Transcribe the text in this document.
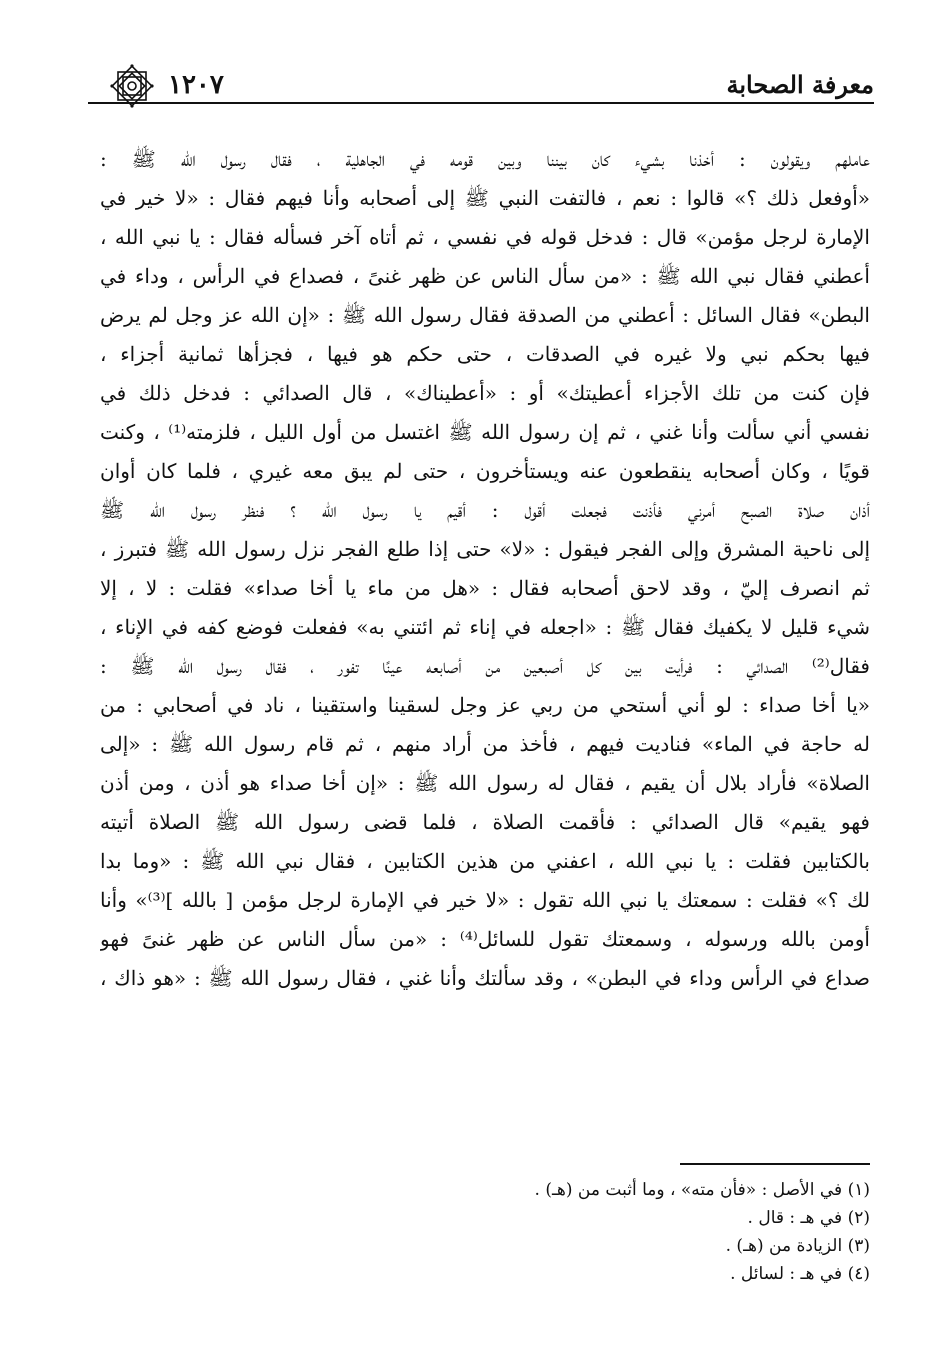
١٢٠٧	معرفة الصحابة
عاملهم ويقولون : أخذنا بشيء كان بيننا وبين قومه في الجاهلية ، فقال رسول الله ﷺ :
«أوفعل ذلك ؟» قالوا : نعم ، فالتفت النبي ﷺ إلى أصحابه وأنا فيهم فقال : «لا خير في
الإمارة لرجل مؤمن» قال : فدخل قوله في نفسي ، ثم أتاه آخر فسأله فقال : يا نبي الله ،
أعطني فقال نبي الله ﷺ : «من سأل الناس عن ظهر غنىً ، فصداع في الرأس ، وداء في
البطن» فقال السائل : أعطني من الصدقة فقال رسول الله ﷺ : «إن الله عز وجل لم يرض
فيها بحكم نبي ولا غيره في الصدقات ، حتى حكم هو فيها ، فجزأها ثمانية أجزاء ،
فإن كنت من تلك الأجزاء أعطيتك» أو : «أعطيناك» ، قال الصدائي : فدخل ذلك في
نفسي أني سألت وأنا غني ، ثم إن رسول الله ﷺ اغتسل من أول الليل ، فلزمته⁽¹⁾ ، وكنت
قويًا ، وكان أصحابه ينقطعون عنه ويستأخرون ، حتى لم يبق معه غيري ، فلما كان أوان
أذان صلاة الصبح أمرني فأذنت فجعلت أقول : أقيم يا رسول الله ؟ فنظر رسول الله ﷺ
إلى ناحية المشرق وإلى الفجر فيقول : «لا» حتى إذا طلع الفجر نزل رسول الله ﷺ فتبرز ،
ثم انصرف إليّ ، وقد لاحق أصحابه فقال : «هل من ماء يا أخا صداء» فقلت : لا ، إلا
شيء قليل لا يكفيك فقال ﷺ : «اجعله في إناء ثم ائتني به» ففعلت فوضع كفه في الإناء ،
فقال⁽²⁾ الصدائي : فرأيت بين كل أصبعين من أصابعه عينًا تفور ، فقال رسول الله ﷺ :
«يا أخا صداء : لو أني أستحي من ربي عز وجل لسقينا واستقينا ، ناد في أصحابي : من
له حاجة في الماء» فناديت فيهم ، فأخذ من أراد منهم ، ثم قام رسول الله ﷺ : «إلى
الصلاة» فأراد بلال أن يقيم ، فقال له رسول الله ﷺ : «إن أخا صداء هو أذن ، ومن أذن
فهو يقيم» قال الصدائي : فأقمت الصلاة ، فلما قضى رسول الله ﷺ الصلاة أتيته
بالكتابين فقلت : يا نبي الله ، اعفني من هذين الكتابين ، فقال نبي الله ﷺ : «وما بدا
لك ؟» فقلت : سمعتك يا نبي الله تقول : «لا خير في الإمارة لرجل مؤمن [ بالله ]⁽³⁾» وأنا
أومن بالله ورسوله ، وسمعتك تقول للسائل⁽⁴⁾ : «من سأل الناس عن ظهر غنىً فهو
صداع في الرأس وداء في البطن» ، وقد سألتك وأنا غني ، فقال رسول الله ﷺ : «هو ذاك ،
(١) في الأصل : «فأن مته» ، وما أثبت من (هـ) .
(٢) في هـ : قال .
(٣) الزيادة من (هـ) .
(٤) في هـ : لسائل .
